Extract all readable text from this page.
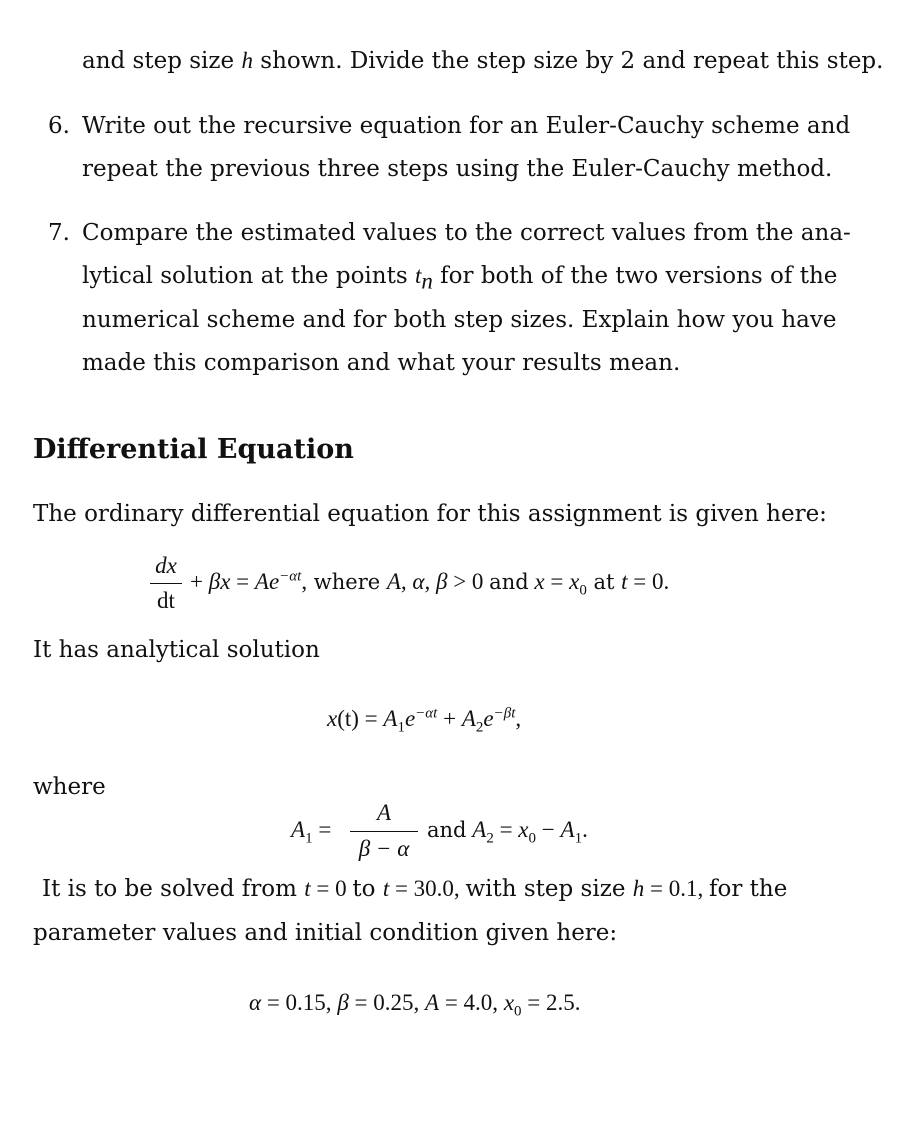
and step size h shown. Divide the step size by 2 and repeat this step.
6. Write out the recursive equation for an Euler-Cauchy scheme and
repeat the previous three steps using the Euler-Cauchy method.
7. Compare the estimated values to the correct values from the ana-
lytical solution at the points $t_n$ for both of the two versions of the
numerical scheme and for both step sizes. Explain how you have
made this comparison and what your results mean.
Differential Equation
The ordinary differential equation for this assignment is given here:
dx
dt
+ $\beta x = Ae^{-\alpha t}$, where A, α, β > 0 and $x = x_0$ at t = 0.
It has analytical solution
$x(t) = A_1e^{-\alpha t} + A_2e^{-\beta t}$,
where
$A_1$ =
A
β − α
and $A_2 = x_0 - A_1$.
It is to be solved from t = 0 to t = 30.0, with step size h = 0.1, for the
parameter values and initial condition given here:
α = 0.15, β = 0.25, A = 4.0, $x_0 = 2.5$.
